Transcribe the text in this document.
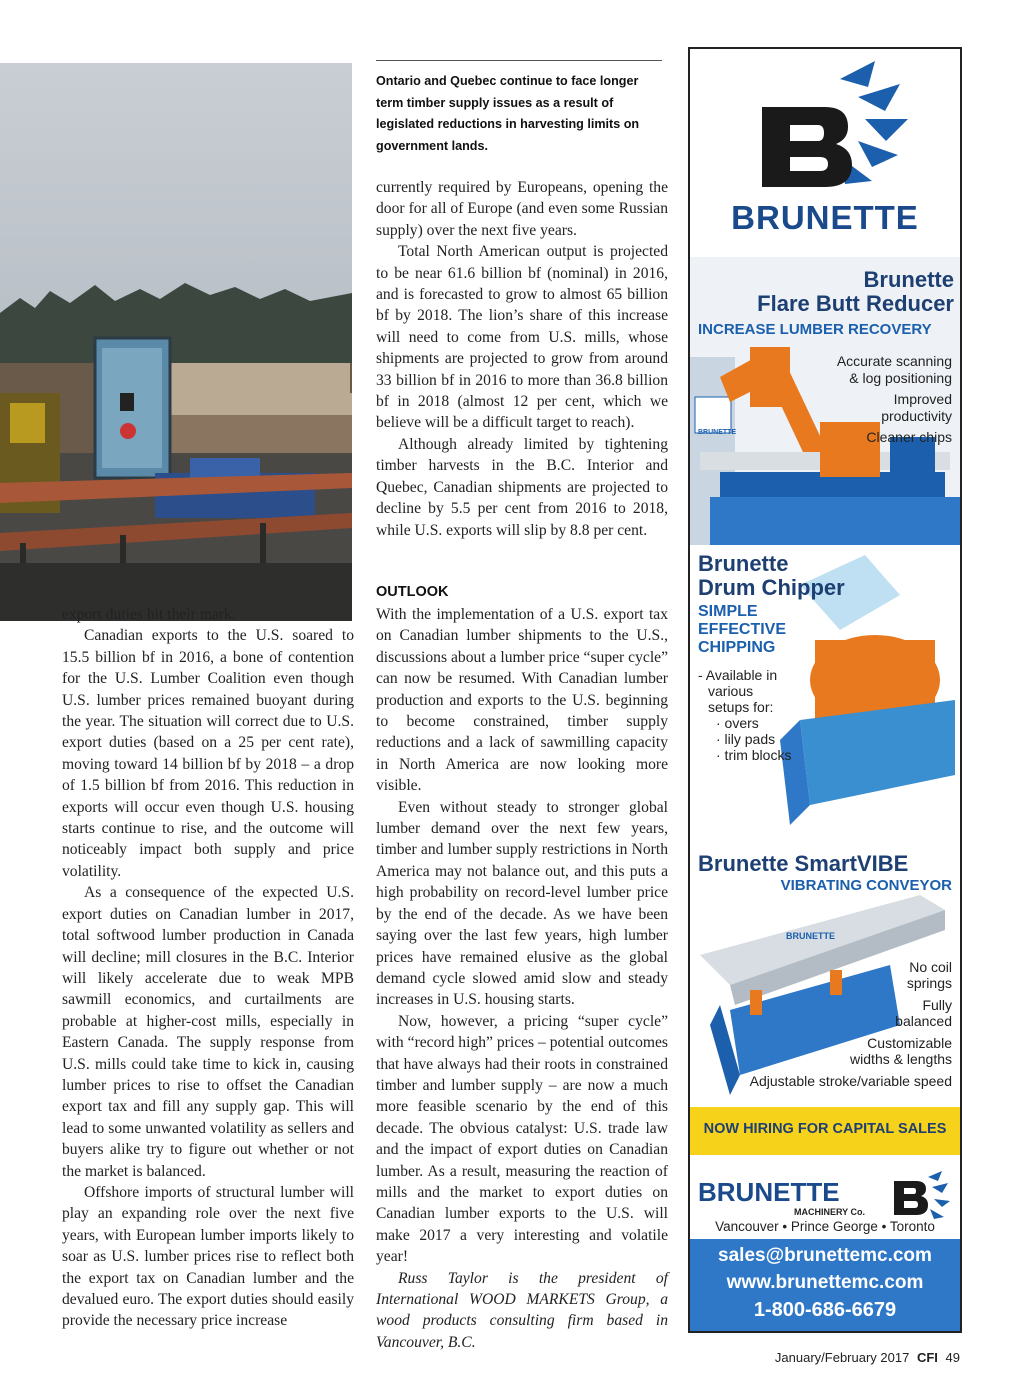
Ontario and Quebec continue to face longer term timber supply issues as a result of legislated reductions in harvesting limits on government lands.

export duties hit their mark.

Canadian exports to the U.S. soared to 15.5 billion bf in 2016, a bone of contention for the U.S. Lumber Coalition even though U.S. lumber prices remained buoyant during the year. The situation will correct due to U.S. export duties (based on a 25 per cent rate), moving toward 14 billion bf by 2018 – a drop of 1.5 billion bf from 2016. This reduction in exports will occur even though U.S. housing starts continue to rise, and the outcome will noticeably impact both supply and price volatility.

As a consequence of the expected U.S. export duties on Canadian lumber in 2017, total softwood lumber production in Canada will decline; mill closures in the B.C. Interior will likely accelerate due to weak MPB sawmill economics, and curtailments are probable at higher-cost mills, especially in Eastern Canada. The supply response from U.S. mills could take time to kick in, causing lumber prices to rise to offset the Canadian export tax and fill any supply gap. This will lead to some unwanted volatility as sellers and buyers alike try to figure out whether or not the market is balanced.

Offshore imports of structural lumber will play an expanding role over the next five years, with European lumber imports likely to soar as U.S. lumber prices rise to reflect both the export tax on Canadian lumber and the devalued euro. The export duties should easily provide the necessary price increase

currently required by Europeans, opening the door for all of Europe (and even some Russian supply) over the next five years.

Total North American output is projected to be near 61.6 billion bf (nominal) in 2016, and is forecasted to grow to almost 65 billion bf by 2018. The lion’s share of this increase will need to come from U.S. mills, whose shipments are projected to grow from around 33 billion bf in 2016 to more than 36.8 billion bf in 2018 (almost 12 per cent, which we believe will be a difficult target to reach).

Although already limited by tightening timber harvests in the B.C. Interior and Quebec, Canadian shipments are projected to decline by 5.5 per cent from 2016 to 2018, while U.S. exports will slip by 8.8 per cent.

OUTLOOK

With the implementation of a U.S. export tax on Canadian lumber shipments to the U.S., discussions about a lumber price “super cycle” can now be resumed. With Canadian lumber production and exports to the U.S. beginning to become constrained, timber supply reductions and a lack of sawmilling capacity in North America are now looking more visible.

Even without steady to stronger global lumber demand over the next few years, timber and lumber supply restrictions in North America may not balance out, and this puts a high probability on record-level lumber price by the end of the decade. As we have been saying over the last few years, high lumber prices have remained elusive as the global demand cycle slowed amid slow and steady increases in U.S. housing starts.

Now, however, a pricing “super cycle” with “record high” prices – potential outcomes that have always had their roots in constrained timber and lumber supply – are now a much more feasible scenario by the end of this decade. The obvious catalyst: U.S. trade law and the impact of export duties on Canadian lumber. As a result, measuring the reaction of mills and the market to export duties on Canadian lumber exports to the U.S. will make 2017 a very interesting and volatile year!

Russ Taylor is the president of International WOOD MARKETS Group, a wood products consulting firm based in Vancouver, B.C.

BRUNETTE
Brunette
Flare Butt Reducer
INCREASE LUMBER RECOVERY
Accurate scanning
& log positioning
Improved
productivity
Cleaner chips
BRUNETTE
Brunette
Drum Chipper
SIMPLE
EFFECTIVE
CHIPPING
- Available in
various
setups for:
· overs
· lily pads
· trim blocks
Brunette SmartVIBE
VIBRATING CONVEYOR
BRUNETTE
No coil
springs
Fully
balanced
Customizable
widths & lengths
Adjustable stroke/variable speed
NOW HIRING FOR CAPITAL SALES
BRUNETTE
MACHINERY Co.
Vancouver • Prince George • Toronto
sales@brunettemc.com
www.brunettemc.com
1-800-686-6679
January/February 2017 CFI 49
